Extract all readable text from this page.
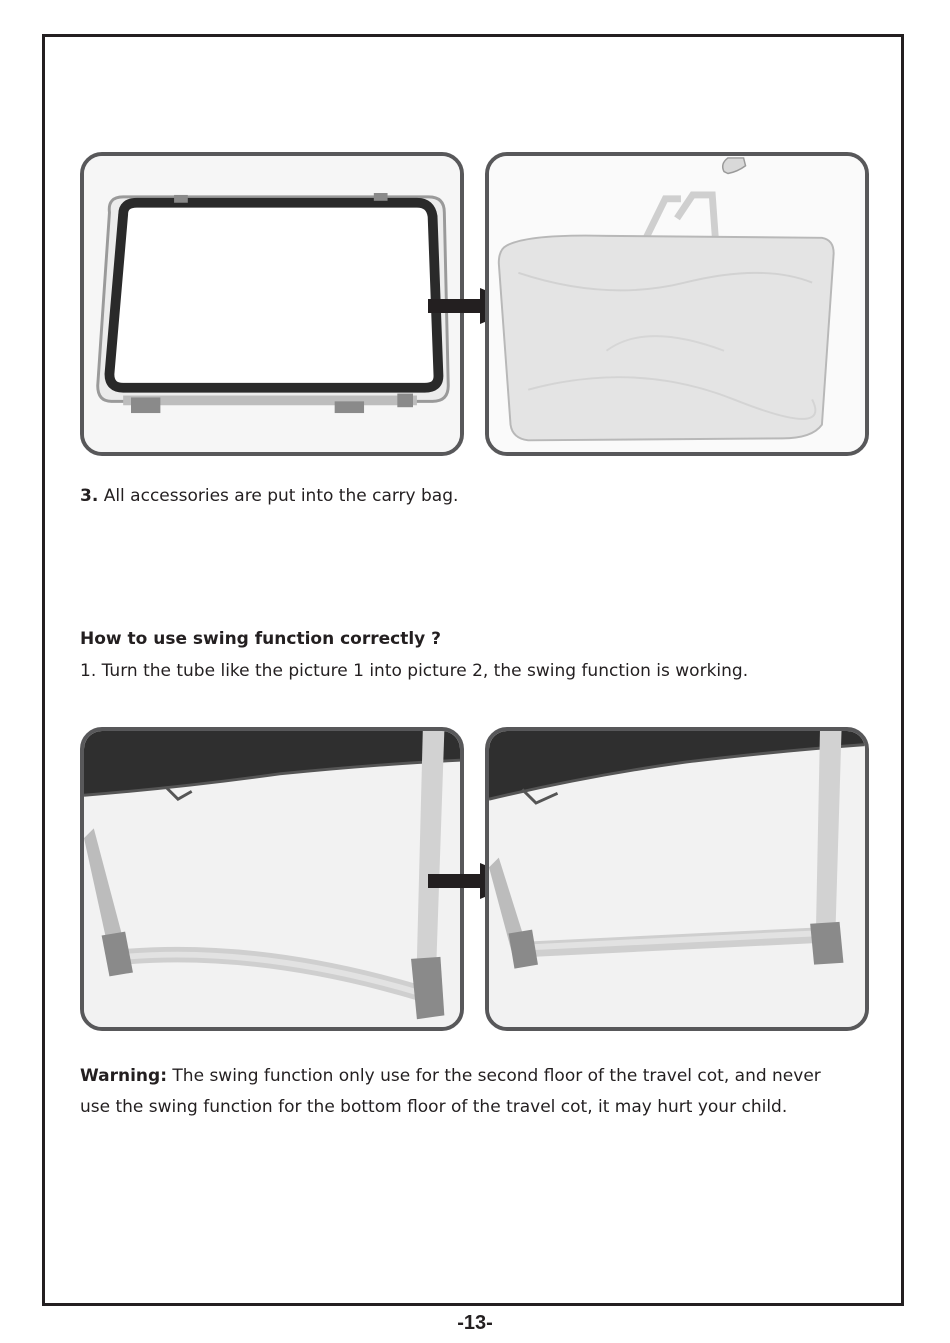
3. All accessories are put into the carry bag.
How to use swing function correctly ?
1. Turn the tube like the picture 1 into picture 2, the swing function is working.
Warning: The swing function only use for the second floor of the travel cot, and never
use the swing function for the bottom floor of the travel cot, it may hurt your child.
-13-
